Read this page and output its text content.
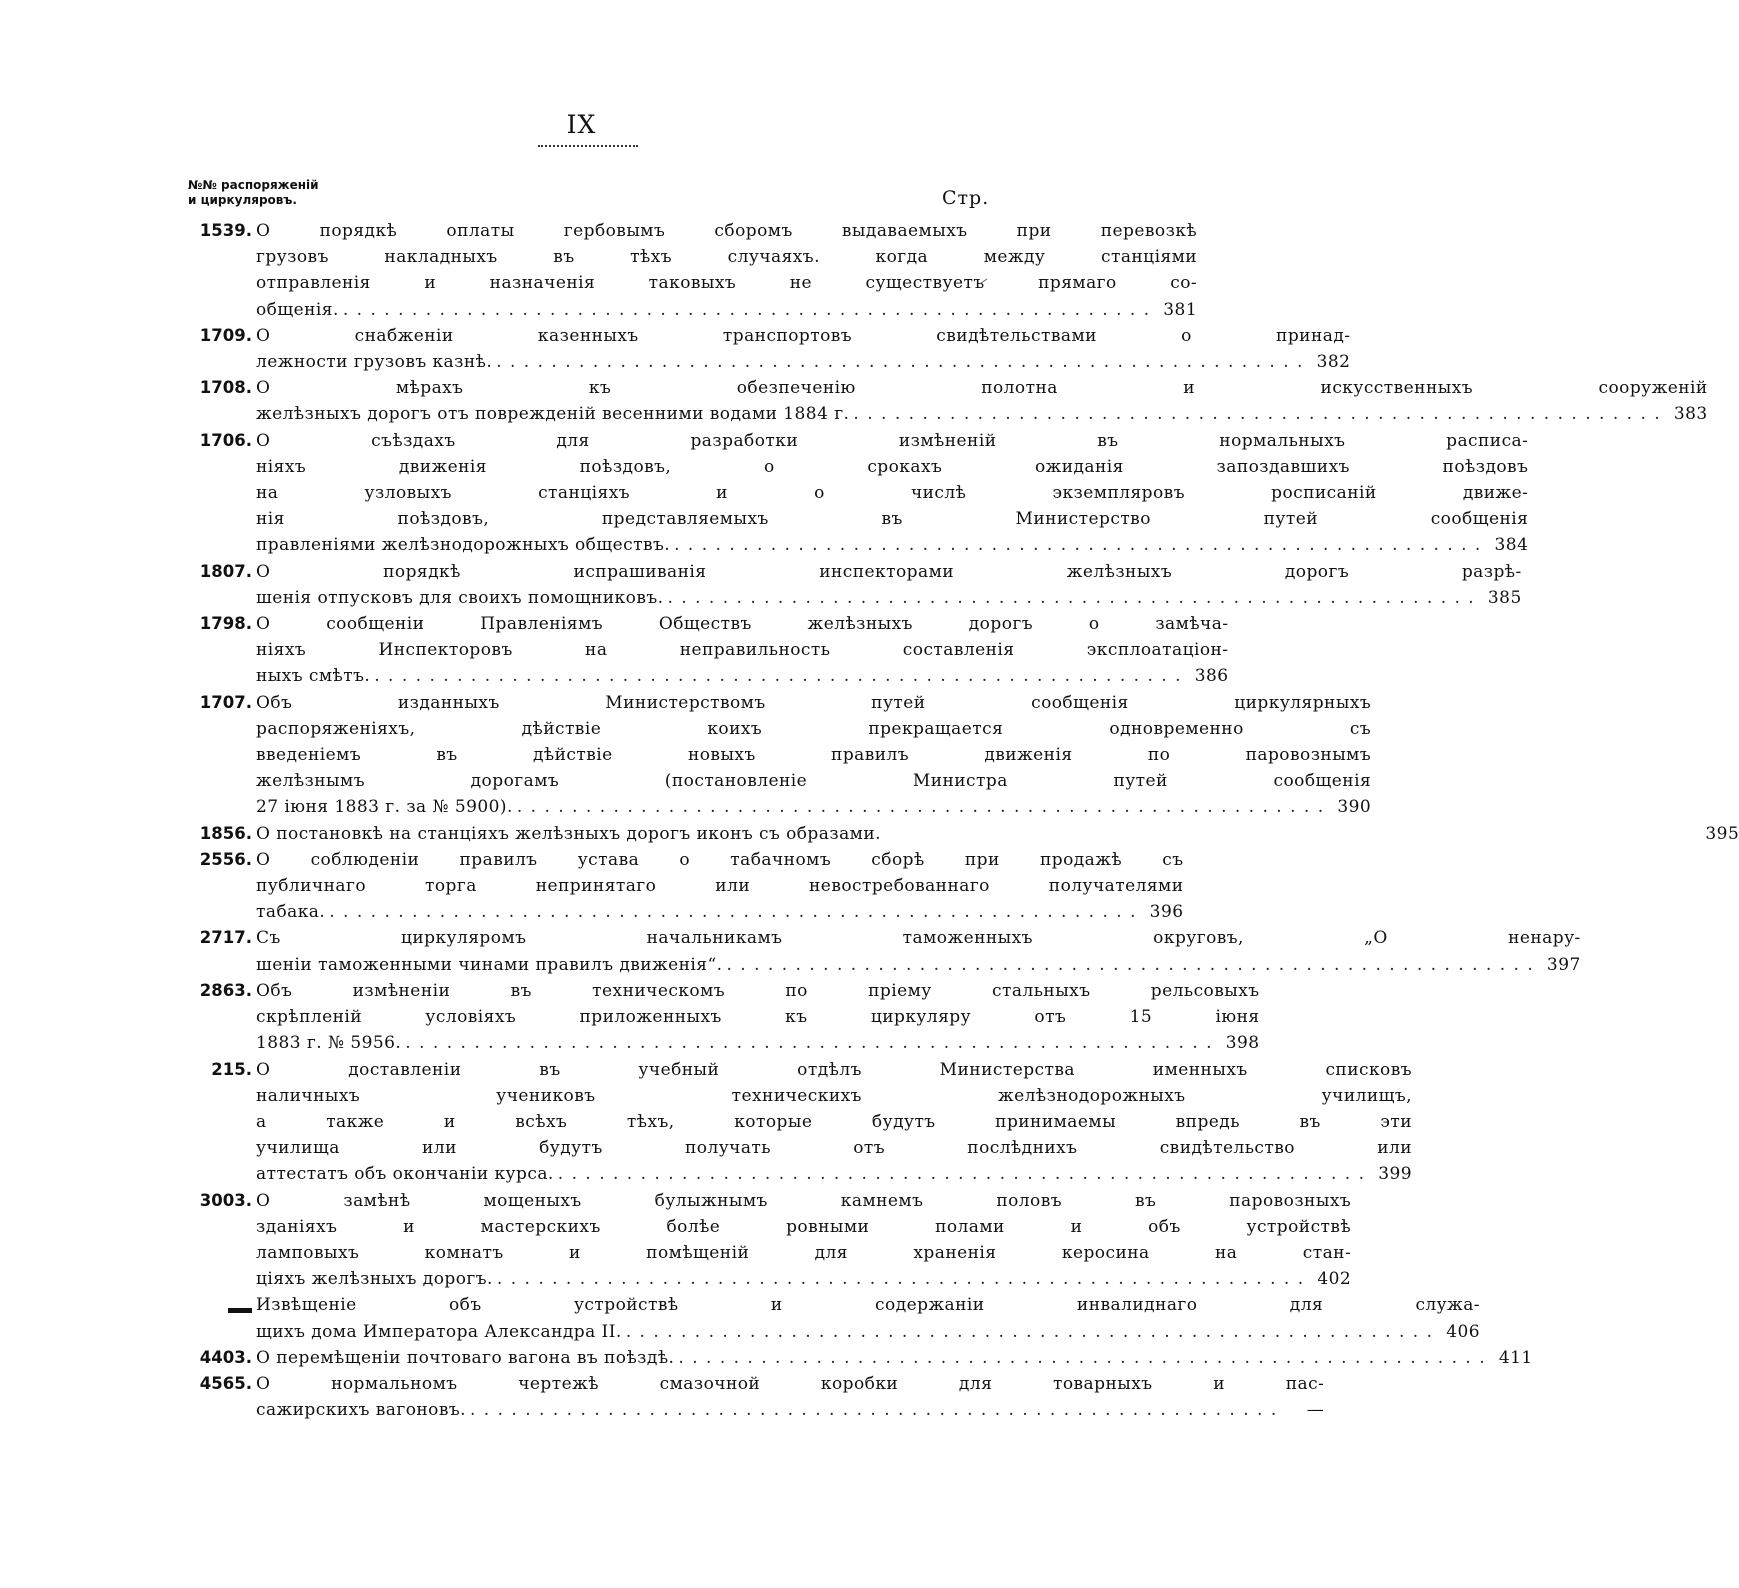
IX
№№ распоряженій
и циркуляровъ.	Стр.
1539. О порядкѣ оплаты гербовымъ сборомъ выдаваемыхъ при перевозкѣ
грузовъ накладныхъ въ тѣхъ случаяхъ. когда между станціями
отправленія и назначенія таковыхъ не существуетъ прямаго со-
общенія. . . .	381
1709. О снабженіи казенныхъ транспортовъ свидѣтельствами о принад-
лежности грузовъ казнѣ. . . .	382
1708. О мѣрахъ къ обезпеченію полотна и искусственныхъ сооруженій
желѣзныхъ дорогъ отъ поврежденій весенними водами 1884 г. . . .	383
1706. О съѣздахъ для разработки измѣненій въ нормальныхъ расписа-
ніяхъ движенія поѣздовъ, о срокахъ ожиданія запоздавшихъ поѣздовъ
на узловыхъ станціяхъ и о числѣ экземпляровъ росписаній движе-
нія поѣздовъ, представляемыхъ въ Министерство путей сообщенія
правленіями желѣзнодорожныхъ обществъ. . . .	384
1807. О порядкѣ испрашиванія инспекторами желѣзныхъ дорогъ разрѣ-
шенія отпусковъ для своихъ помощниковъ. . . .	385
1798. О сообщеніи Правленіямъ Обществъ желѣзныхъ дорогъ о замѣча-
ніяхъ Инспекторовъ на неправильность составленія эксплоатаціон-
ныхъ смѣтъ. . . .	386
1707. Объ изданныхъ Министерствомъ путей сообщенія циркулярныхъ
распоряженіяхъ, дѣйствіе коихъ прекращается одновременно съ
введеніемъ въ дѣйствіе новыхъ правилъ движенія по паровознымъ
желѣзнымъ дорогамъ (постановленіе Министра путей сообщенія
27 іюня 1883 г. за № 5900). . . .	390
1856. О постановкѣ на станціяхъ желѣзныхъ дорогъ иконъ съ образами.	395
2556. О соблюденіи правилъ устава о табачномъ сборѣ при продажѣ съ
публичнаго торга непринятаго или невостребованнаго получателями
табака. . . .	396
2717. Съ циркуляромъ начальникамъ таможенныхъ округовъ, „О ненару-
шеніи таможенными чинами правилъ движенія“. . . .	397
2863. Объ измѣненіи въ техническомъ по пріему стальныхъ рельсовыхъ
скрѣпленій условіяхъ приложенныхъ къ циркуляру отъ 15 іюня
1883 г. № 5956. . . .	398
215. О доставленіи въ учебный отдѣлъ Министерства именныхъ списковъ
наличныхъ учениковъ техническихъ желѣзнодорожныхъ училищъ,
а также и всѣхъ тѣхъ, которые будутъ принимаемы впредь въ эти
училища или будутъ получать отъ послѣднихъ свидѣтельство или
аттестатъ объ окончаніи курса. . . .	399
3003. О замѣнѣ мощеныхъ булыжнымъ камнемъ половъ въ паровозныхъ
зданіяхъ и мастерскихъ болѣе ровными полами и объ устройствѣ
ламповыхъ комнатъ и помѣщеній для храненія керосина на стан-
ціяхъ желѣзныхъ дорогъ. . . .	402
Извѣщеніе объ устройствѣ и содержаніи инвалиднаго для служа-
щихъ дома Императора Александра II. . . .	406
4403. О перемѣщеніи почтоваго вагона въ поѣздѣ. . . .	411
4565. О нормальномъ чертежѣ смазочной коробки для товарныхъ и пас-
сажирскихъ вагоновъ. . . .	—
